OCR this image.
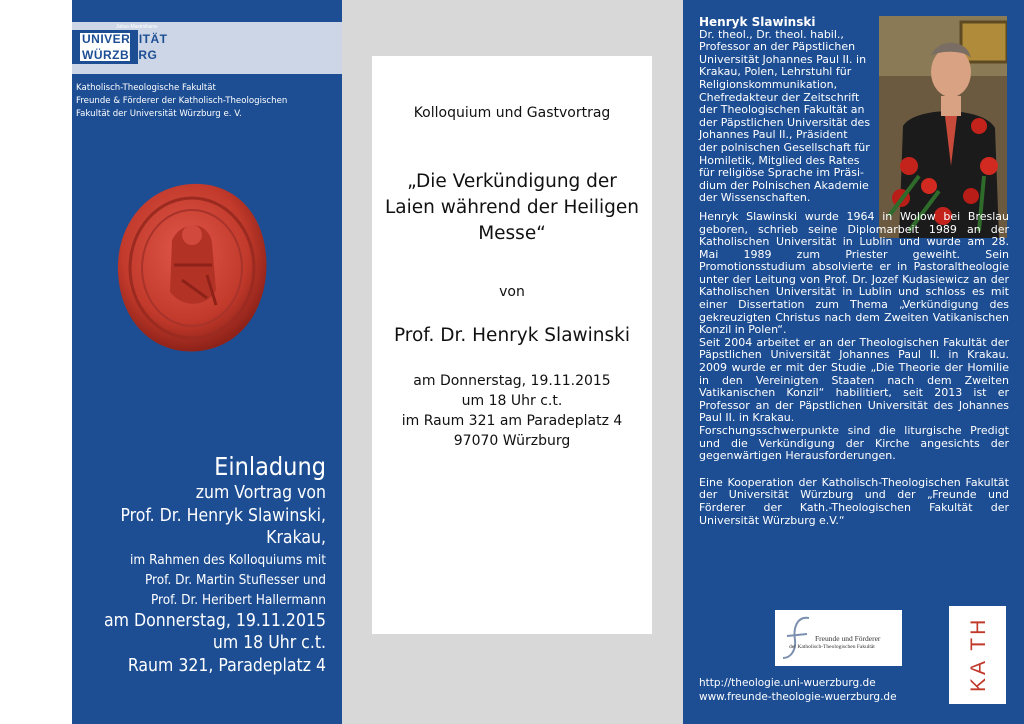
Julius-Maximilians-
UNIVERSITÄT
WÜRZBURG
Katholisch-Theologische Fakultät
Freunde & Förderer der Katholisch-Theologischen
Fakultät der Universität Würzburg e. V.
Einladung
zum Vortrag von
Prof. Dr. Henryk Slawinski,
Krakau,
im Rahmen des Kolloquiums mit
Prof. Dr. Martin Stuflesser und
Prof. Dr. Heribert Hallermann
am Donnerstag, 19.11.2015
um 18 Uhr c.t.
Raum 321, Paradeplatz 4
Kolloquium und Gastvortrag
„Die Verkündigung der
Laien während der Heiligen
Messe“
von
Prof. Dr. Henryk Slawinski
am Donnerstag, 19.11.2015
um 18 Uhr c.t.
im Raum 321 am Paradeplatz 4
97070 Würzburg
Henryk Slawinski
Dr. theol., Dr. theol. habil.,
Professor an der Päpstlichen
Universität Johannes Paul II. in
Krakau, Polen, Lehrstuhl für
Religionskommunikation,
Chefredakteur der Zeitschrift
der Theologischen Fakultät an
der Päpstlichen Universität des
Johannes Paul II., Präsident
der polnischen Gesellschaft für
Homiletik, Mitglied des Rates
für religiöse Sprache im Präsi-
dium der Polnischen Akademie
der Wissenschaften.
Henryk Slawinski wurde 1964 in Wolow bei Breslau geboren, schrieb seine Diplomarbeit 1989 an der Katholischen Universität in Lublin und wurde am 28. Mai 1989 zum Priester geweiht. Sein Promotionsstudium absolvierte er in Pastoraltheologie unter der Leitung von Prof. Dr. Jozef Kudasiewicz an der Katholischen Universität in Lublin und schloss es mit einer Dissertation zum Thema „Verkündigung des gekreuzigten Christus nach dem Zweiten Vatikanischen Konzil in Polen“.
Seit 2004 arbeitet er an der Theologischen Fakultät der Päpstlichen Universität Johannes Paul II. in Krakau. 2009 wurde er mit der Studie „Die Theorie der Homilie in den Vereinigten Staaten nach dem Zweiten Vatikanischen Konzil“ habilitiert, seit 2013 ist er Professor an der Päpstlichen Universität des Johannes Paul II. in Krakau.
Forschungsschwerpunkte sind die liturgische Predigt und die Verkündigung der Kirche angesichts der gegenwärtigen Herausforderungen.
Eine Kooperation der Katholisch-Theologischen Fakultät der Universität Würzburg und der „Freunde und Förderer der Kath.-Theologischen Fakultät der Universität Würzburg e.V.“
Freunde und Förderer
der Katholisch-Theologischen Fakultät	KA TH
http://theologie.uni-wuerzburg.de
www.freunde-theologie-wuerzburg.de
